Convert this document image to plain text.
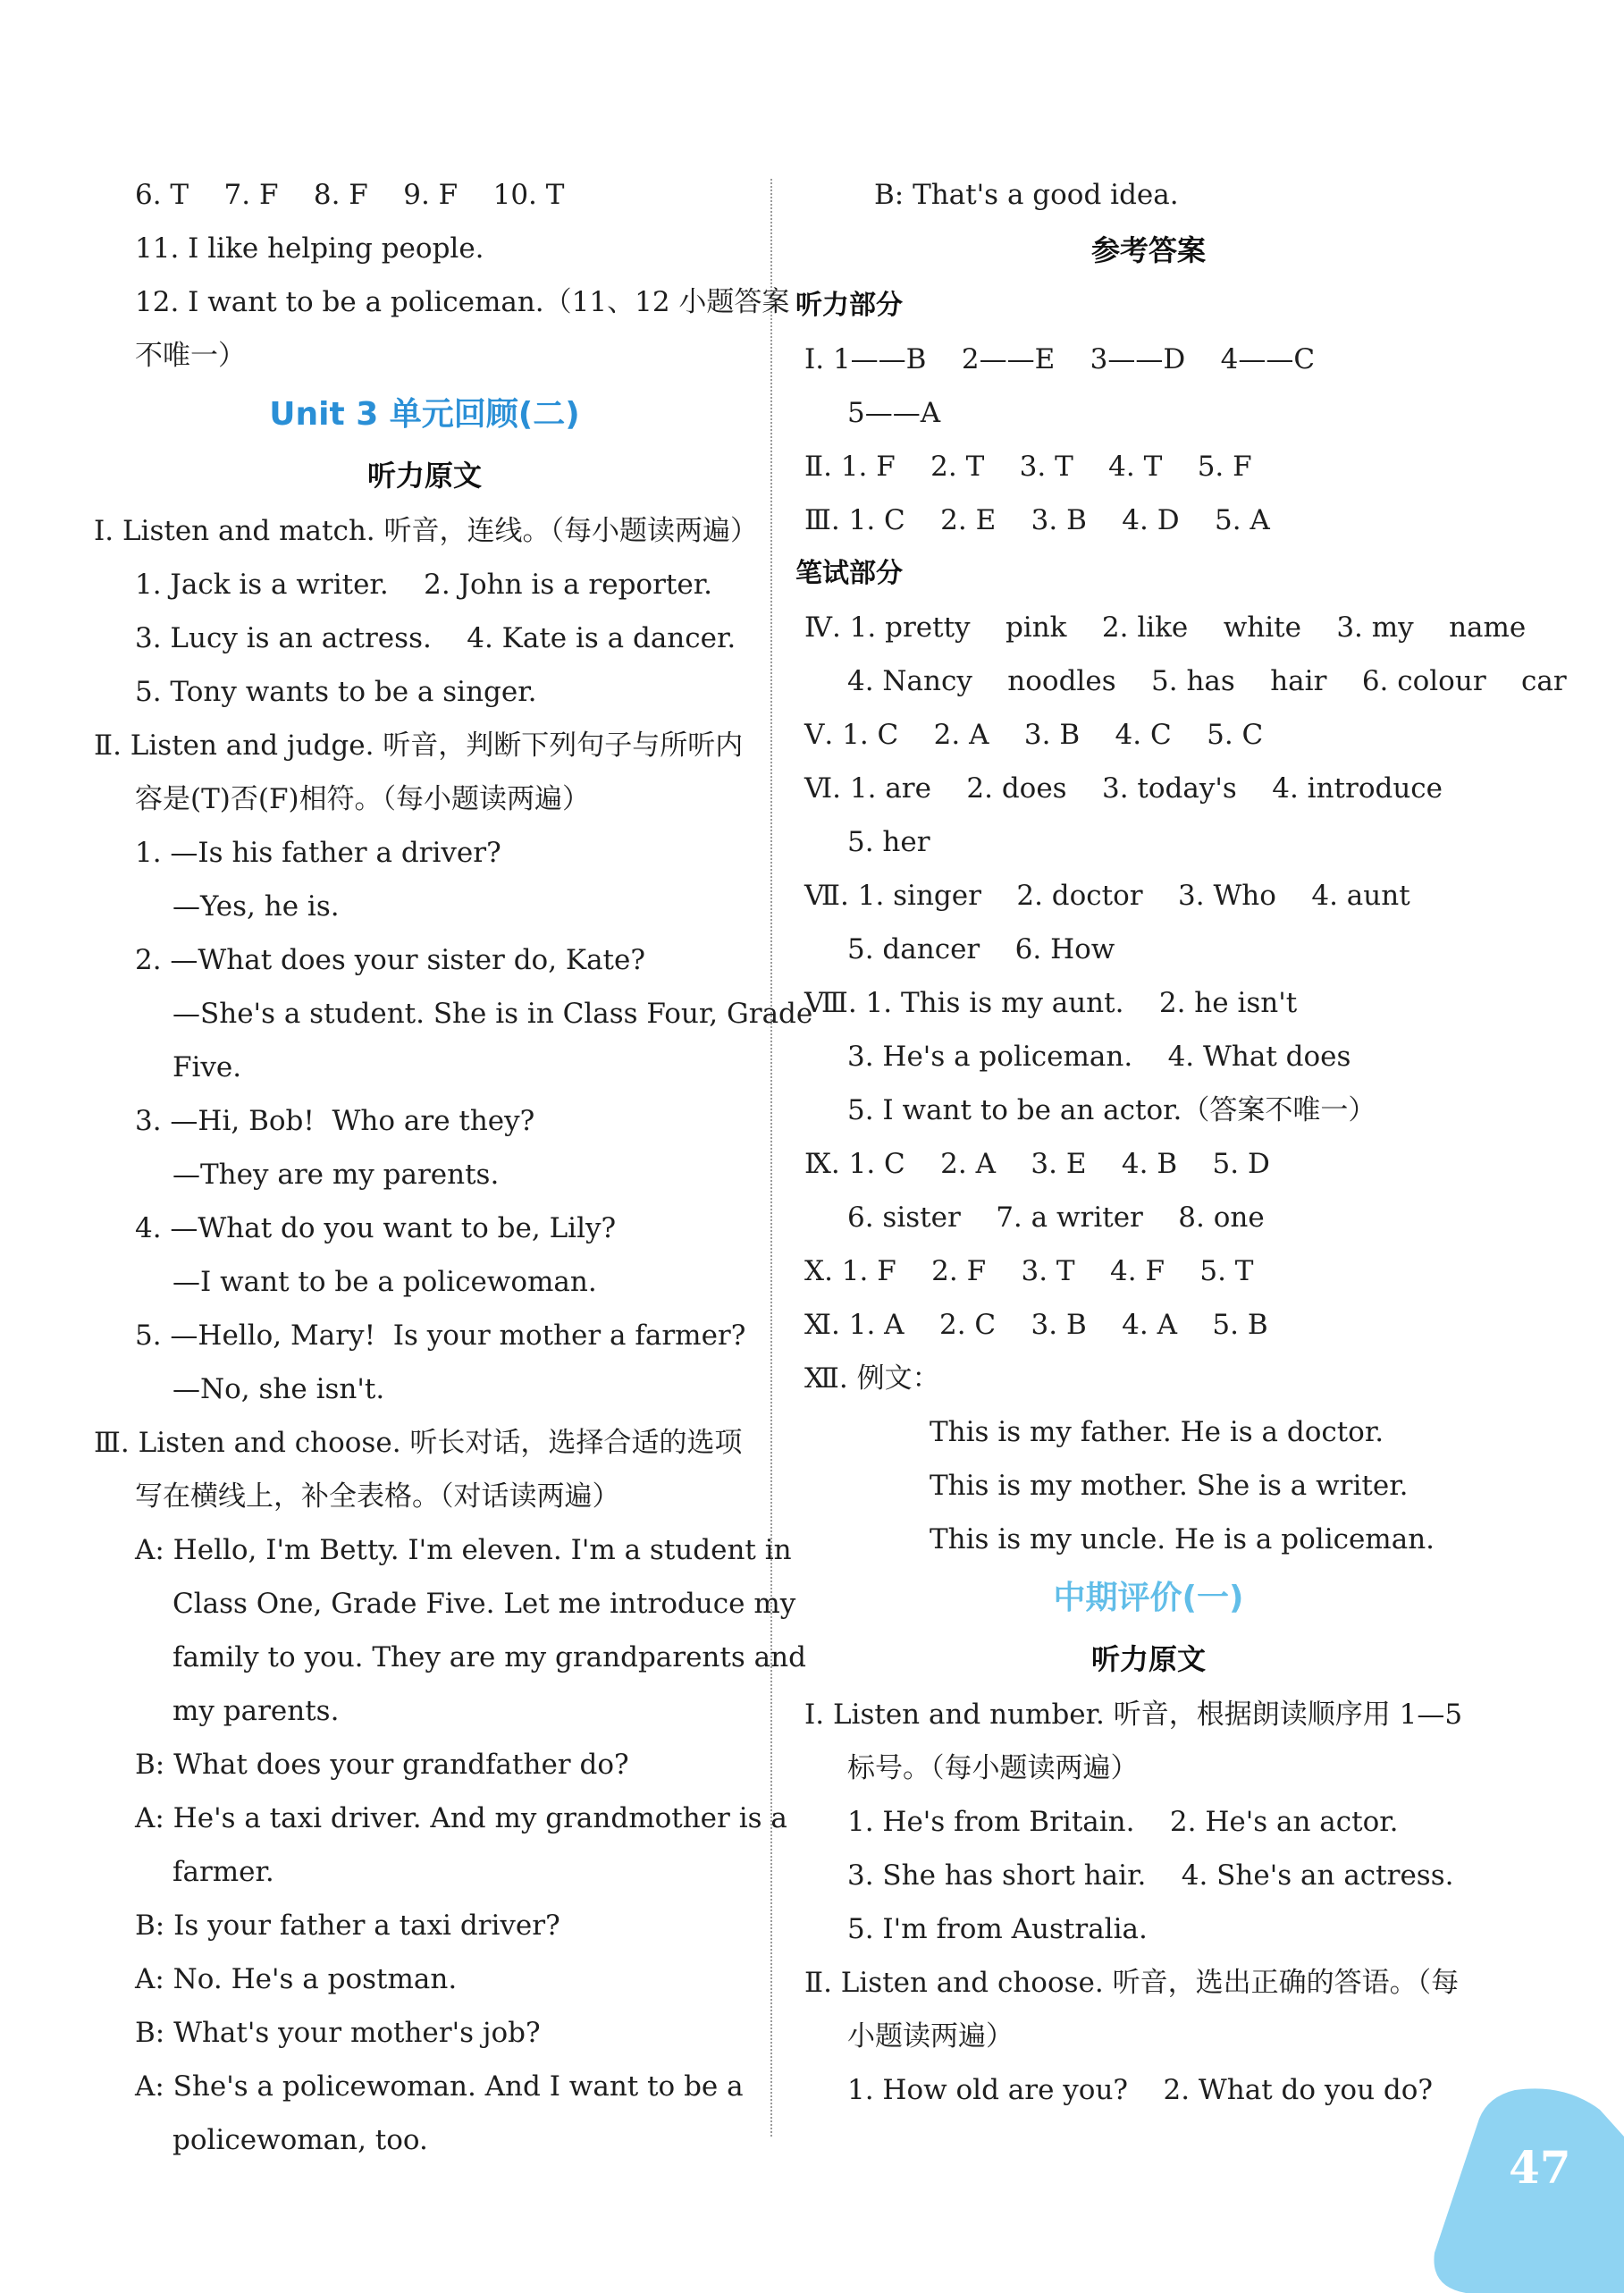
6. T    7. F    8. F    9. F    10. T
11. I like helping people.
12. I want to be a policeman.（11、12 小题答案
不唯一）
Unit 3 单元回顾(二)
听力原文
Ⅰ. Listen and match. 听音，连线。（每小题读两遍）
1. Jack is a writer.    2. John is a reporter.
3. Lucy is an actress.    4. Kate is a dancer.
5. Tony wants to be a singer.
Ⅱ. Listen and judge. 听音，判断下列句子与所听内
容是(T)否(F)相符。（每小题读两遍）
1. —Is his father a driver?
—Yes, he is.
2. —What does your sister do, Kate?
—She's a student. She is in Class Four, Grade
Five.
3. —Hi, Bob!  Who are they?
—They are my parents.
4. —What do you want to be, Lily?
—I want to be a policewoman.
5. —Hello, Mary!  Is your mother a farmer?
—No, she isn't.
Ⅲ. Listen and choose. 听长对话，选择合适的选项
写在横线上，补全表格。（对话读两遍）
A: Hello, I'm Betty. I'm eleven. I'm a student in
Class One, Grade Five. Let me introduce my
family to you. They are my grandparents and
my parents.
B: What does your grandfather do?
A: He's a taxi driver. And my grandmother is a
farmer.
B: Is your father a taxi driver?
A: No. He's a postman.
B: What's your mother's job?
A: She's a policewoman. And I want to be a
policewoman, too.
B: That's a good idea.
参考答案
听力部分
Ⅰ. 1——B    2——E    3——D    4——C
5——A
Ⅱ. 1. F    2. T    3. T    4. T    5. F
Ⅲ. 1. C    2. E    3. B    4. D    5. A
笔试部分
Ⅳ. 1. pretty    pink    2. like    white    3. my    name
4. Nancy    noodles    5. has    hair    6. colour    car
Ⅴ. 1. C    2. A    3. B    4. C    5. C
Ⅵ. 1. are    2. does    3. today's    4. introduce
5. her
Ⅶ. 1. singer    2. doctor    3. Who    4. aunt
5. dancer    6. How
Ⅷ. 1. This is my aunt.    2. he isn't
3. He's a policeman.    4. What does
5. I want to be an actor.（答案不唯一）
Ⅸ. 1. C    2. A    3. E    4. B    5. D
6. sister    7. a writer    8. one
Ⅹ. 1. F    2. F    3. T    4. F    5. T
Ⅺ. 1. A    2. C    3. B    4. A    5. B
Ⅻ. 例文：
This is my father. He is a doctor.
This is my mother. She is a writer.
This is my uncle. He is a policeman.
中期评价(一)
听力原文
Ⅰ. Listen and number. 听音，根据朗读顺序用 1—5
标号。（每小题读两遍）
1. He's from Britain.    2. He's an actor.
3. She has short hair.    4. She's an actress.
5. I'm from Australia.
Ⅱ. Listen and choose. 听音，选出正确的答语。（每
小题读两遍）
1. How old are you?    2. What do you do?
47
